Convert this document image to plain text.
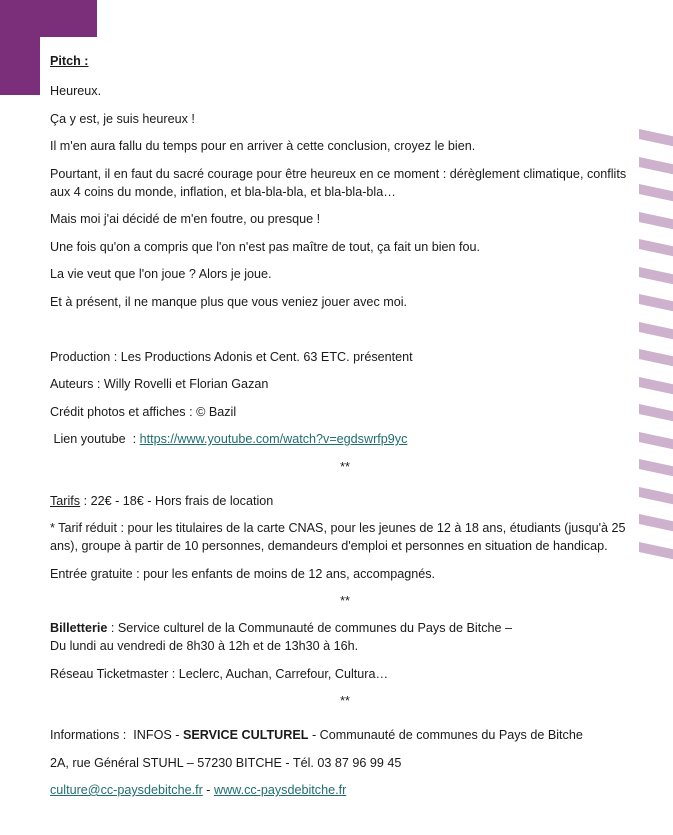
Pitch :

Heureux.

Ça y est, je suis heureux !

Il m'en aura fallu du temps pour en arriver à cette conclusion, croyez le bien.

Pourtant, il en faut du sacré courage pour être heureux en ce moment : dérèglement climatique, conflits aux 4 coins du monde, inflation, et bla-bla-bla, et bla-bla-bla…

Mais moi j'ai décidé de m'en foutre, ou presque !

Une fois qu'on a compris que l'on n'est pas maître de tout, ça fait un bien fou.

La vie veut que l'on joue ? Alors je joue.

Et à présent, il ne manque plus que vous veniez jouer avec moi.

Production : Les Productions Adonis et Cent. 63 ETC. présentent

Auteurs : Willy Rovelli et Florian Gazan

Crédit photos et affiches : © Bazil

Lien youtube  : https://www.youtube.com/watch?v=egdswrfp9yc

**

Tarifs : 22€ - 18€ - Hors frais de location

* Tarif réduit : pour les titulaires de la carte CNAS, pour les jeunes de 12 à 18 ans, étudiants (jusqu'à 25 ans), groupe à partir de 10 personnes, demandeurs d'emploi et personnes en situation de handicap.

Entrée gratuite : pour les enfants de moins de 12 ans, accompagnés.

**

Billetterie : Service culturel de la Communauté de communes du Pays de Bitche –

Du lundi au vendredi de 8h30 à 12h et de 13h30 à 16h.

Réseau Ticketmaster : Leclerc, Auchan, Carrefour, Cultura…

**

Informations :  INFOS - SERVICE CULTUREL - Communauté de communes du Pays de Bitche

2A, rue Général STUHL – 57230 BITCHE - Tél. 03 87 96 99 45

culture@cc-paysdebitche.fr - www.cc-paysdebitche.fr
